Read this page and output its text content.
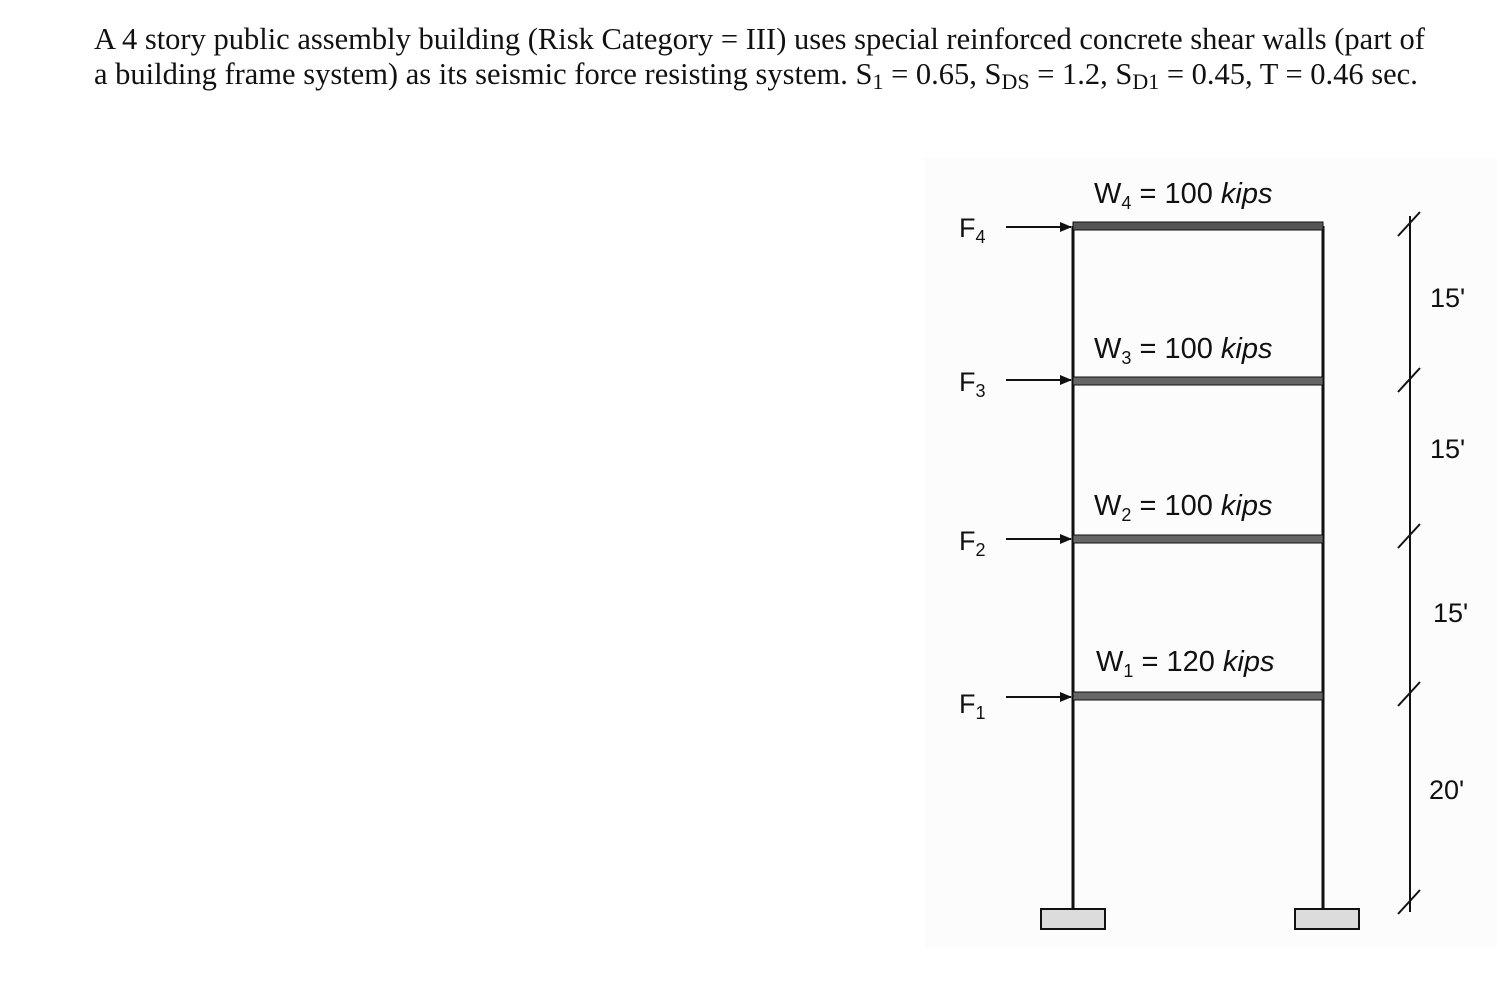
A 4 story public assembly building (Risk Category = III) uses special reinforced concrete shear walls (part of
a building frame system) as its seismic force resisting system. $S_1 = 0.65$, $S_{DS} = 1.2$, $S_{D1} = 0.45$, T = 0.46 sec.
$F_4$
$F_3$
$F_2$
$F_1$
$W_4 = 100$ kips
$W_3 = 100$ kips
$W_2 = 100$ kips
$W_1 = 120$ kips
15'
15'
15'
20'
